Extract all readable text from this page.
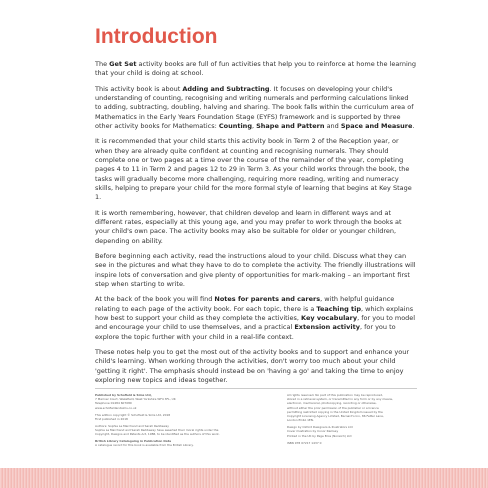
Introduction

The Get Set activity books are full of fun activities that help you to reinforce at home the learning that your child is doing at school.

This activity book is about Adding and Subtracting. It focuses on developing your child's understanding of counting, recognising and writing numerals and performing calculations linked to adding, subtracting, doubling, halving and sharing. The book falls within the curriculum area of Mathematics in the Early Years Foundation Stage (EYFS) framework and is supported by three other activity books for Mathematics: Counting, Shape and Pattern and Space and Measure.

It is recommended that your child starts this activity book in Term 2 of the Reception year, or when they are already quite confident at counting and recognising numerals. They should complete one or two pages at a time over the course of the remainder of the year, completing pages 4 to 11 in Term 2 and pages 12 to 29 in Term 3. As your child works through the book, the tasks will gradually become more challenging, requiring more reading, writing and numeracy skills, helping to prepare your child for the more formal style of learning that begins at Key Stage 1.

It is worth remembering, however, that children develop and learn in different ways and at different rates, especially at this young age, and you may prefer to work through the books at your child's own pace. The activity books may also be suitable for older or younger children, depending on ability.

Before beginning each activity, read the instructions aloud to your child. Discuss what they can see in the pictures and what they have to do to complete the activity. The friendly illustrations will inspire lots of conversation and give plenty of opportunities for mark-making – an important first step when starting to write.

At the back of the book you will find Notes for parents and carers, with helpful guidance relating to each page of the activity book. For each topic, there is a Teaching tip, which explains how best to support your child as they complete the activities, Key vocabulary, for you to model and encourage your child to use themselves, and a practical Extension activity, for you to explore the topic further with your child in a real-life context.

These notes help you to get the most out of the activity books and to support and enhance your child's learning. When working through the activities, don't worry too much about your child 'getting it right'. The emphasis should instead be on 'having a go' and taking the time to enjoy exploring new topics and ideas together.

Published by Schofield & Sims Ltd,
7 Mariner Court, Wakefield, West Yorkshire WF4 3FL, UK
Telephone 01484 607080
www.schofieldandsims.co.uk
This edition copyright © Schofield & Sims Ltd, 2018
First published in 2018
Authors: Sophie Le Marchand and Sarah Reddaway
Sophie Le Marchand and Sarah Reddaway have asserted their moral rights under the
Copyright, Designs and Patents Act, 1988, to be identified as the authors of this work.
British Library Cataloguing in Publication Data
A catalogue record for this book is available from the British Library.
All rights reserved. No part of this publication may be reproduced,
stored in a retrieval system, or transmitted in any form or by any means,
electronic, mechanical, photocopying, recording or otherwise,
without either the prior permission of the publisher or a licence
permitting restricted copying in the United Kingdom issued by the
Copyright Licensing Agency Limited, Barnard's Inn, 86 Fetter Lane,
London EC4A 1EN.
Design by Oxford Designers & Illustrators Ltd
Cover illustration by Conor Ramsey
Printed in the UK by Page Bros (Norwich) Ltd
ISBN 978 07217 1437 0
